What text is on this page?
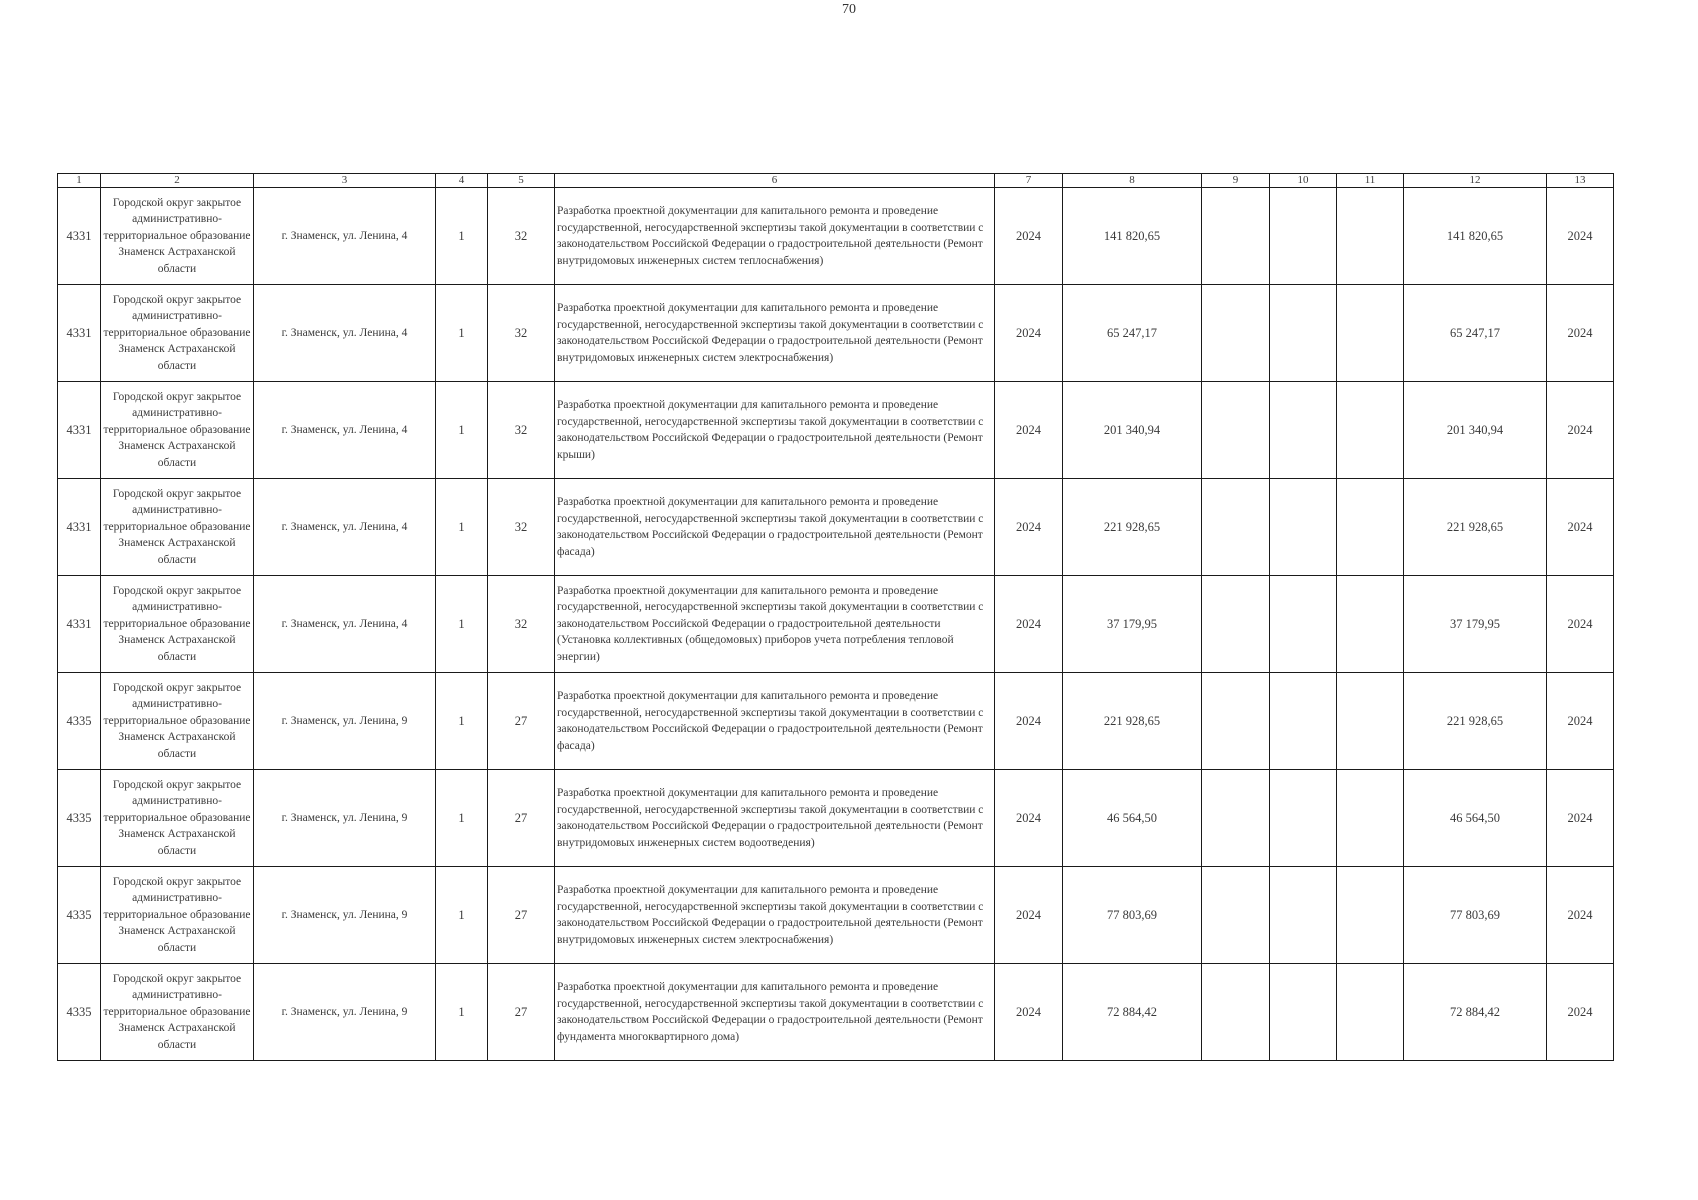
70
1	2	3	4	5	6	7	8	9	10	11	12	13
4331	Городской округ закрытое административно-территориальное образование Знаменск Астраханской области	г. Знаменск, ул. Ленина, 4	1	32	Разработка проектной документации для капитального ремонта и проведение государственной, негосударственной экспертизы такой документации в соответствии с законодательством Российской Федерации о градостроительной деятельности (Ремонт внутридомовых инженерных систем теплоснабжения)	2024	141 820,65				141 820,65	2024
4331	Городской округ закрытое административно-территориальное образование Знаменск Астраханской области	г. Знаменск, ул. Ленина, 4	1	32	Разработка проектной документации для капитального ремонта и проведение государственной, негосударственной экспертизы такой документации в соответствии с законодательством Российской Федерации о градостроительной деятельности (Ремонт внутридомовых инженерных систем электроснабжения)	2024	65 247,17				65 247,17	2024
4331	Городской округ закрытое административно-территориальное образование Знаменск Астраханской области	г. Знаменск, ул. Ленина, 4	1	32	Разработка проектной документации для капитального ремонта и проведение государственной, негосударственной экспертизы такой документации в соответствии с законодательством Российской Федерации о градостроительной деятельности (Ремонт крыши)	2024	201 340,94				201 340,94	2024
4331	Городской округ закрытое административно-территориальное образование Знаменск Астраханской области	г. Знаменск, ул. Ленина, 4	1	32	Разработка проектной документации для капитального ремонта и проведение государственной, негосударственной экспертизы такой документации в соответствии с законодательством Российской Федерации о градостроительной деятельности (Ремонт фасада)	2024	221 928,65				221 928,65	2024
4331	Городской округ закрытое административно-территориальное образование Знаменск Астраханской области	г. Знаменск, ул. Ленина, 4	1	32	Разработка проектной документации для капитального ремонта и проведение государственной, негосударственной экспертизы такой документации в соответствии с законодательством Российской Федерации о градостроительной деятельности (Установка коллективных (общедомовых) приборов учета потребления тепловой энергии)	2024	37 179,95				37 179,95	2024
4335	Городской округ закрытое административно-территориальное образование Знаменск Астраханской области	г. Знаменск, ул. Ленина, 9	1	27	Разработка проектной документации для капитального ремонта и проведение государственной, негосударственной экспертизы такой документации в соответствии с законодательством Российской Федерации о градостроительной деятельности (Ремонт фасада)	2024	221 928,65				221 928,65	2024
4335	Городской округ закрытое административно-территориальное образование Знаменск Астраханской области	г. Знаменск, ул. Ленина, 9	1	27	Разработка проектной документации для капитального ремонта и проведение государственной, негосударственной экспертизы такой документации в соответствии с законодательством Российской Федерации о градостроительной деятельности (Ремонт внутридомовых инженерных систем водоотведения)	2024	46 564,50				46 564,50	2024
4335	Городской округ закрытое административно-территориальное образование Знаменск Астраханской области	г. Знаменск, ул. Ленина, 9	1	27	Разработка проектной документации для капитального ремонта и проведение государственной, негосударственной экспертизы такой документации в соответствии с законодательством Российской Федерации о градостроительной деятельности (Ремонт внутридомовых инженерных систем электроснабжения)	2024	77 803,69				77 803,69	2024
4335	Городской округ закрытое административно-территориальное образование Знаменск Астраханской области	г. Знаменск, ул. Ленина, 9	1	27	Разработка проектной документации для капитального ремонта и проведение государственной, негосударственной экспертизы такой документации в соответствии с законодательством Российской Федерации о градостроительной деятельности (Ремонт фундамента многоквартирного дома)	2024	72 884,42				72 884,42	2024
